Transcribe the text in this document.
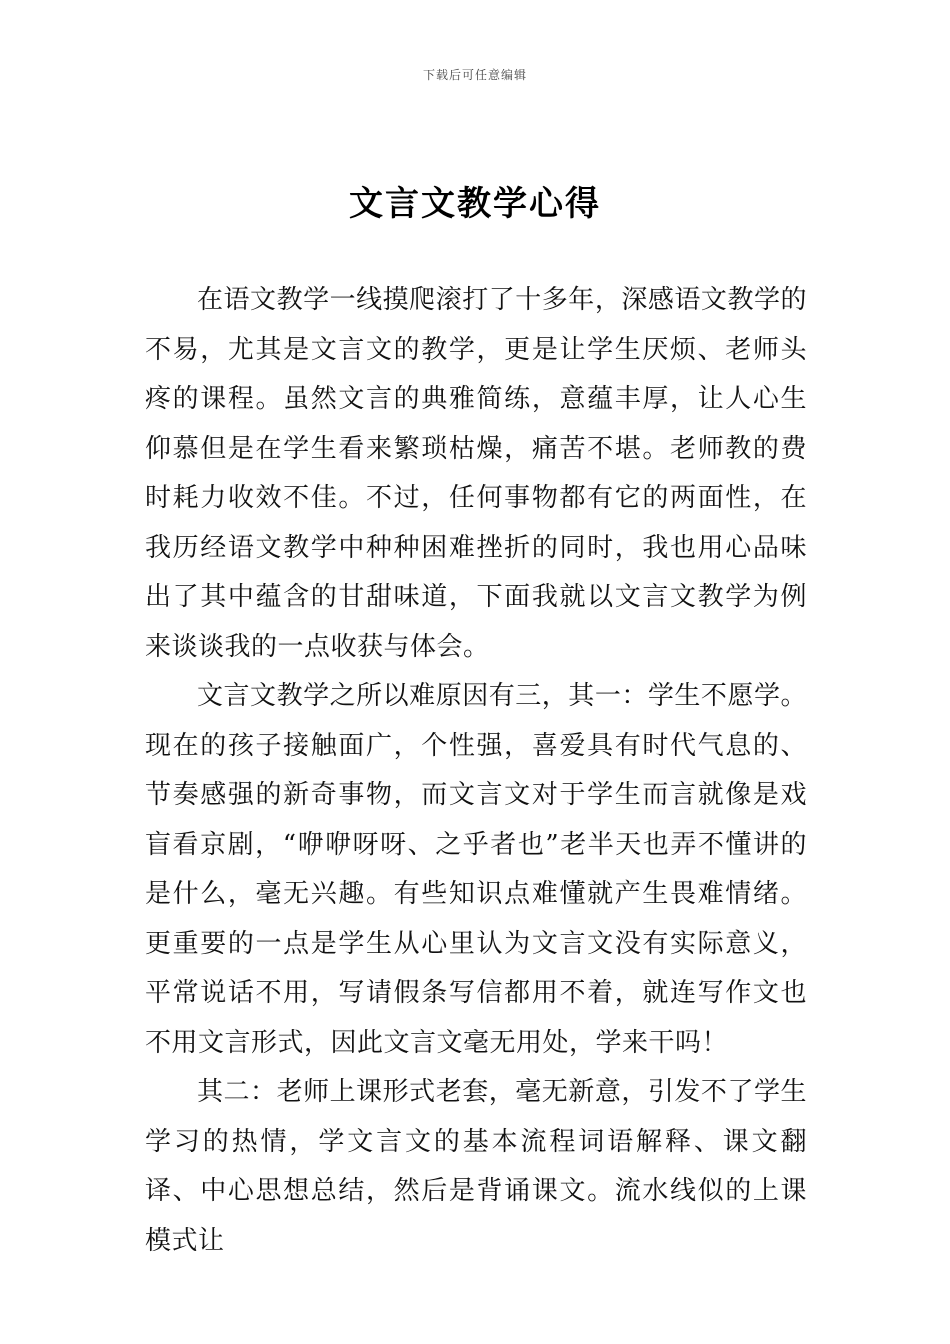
下载后可任意编辑
文言文教学心得

在语文教学一线摸爬滚打了十多年，深感语文教学的不易，尤其是文言文的教学，更是让学生厌烦、老师头疼的课程。虽然文言的典雅简练，意蕴丰厚，让人心生仰慕但是在学生看来繁琐枯燥，痛苦不堪。老师教的费时耗力收效不佳。不过，任何事物都有它的两面性，在我历经语文教学中种种困难挫折的同时，我也用心品味出了其中蕴含的甘甜味道，下面我就以文言文教学为例来谈谈我的一点收获与体会。

文言文教学之所以难原因有三，其一：学生不愿学。现在的孩子接触面广，个性强，喜爱具有时代气息的、节奏感强的新奇事物，而文言文对于学生而言就像是戏盲看京剧，“咿咿呀呀、之乎者也”老半天也弄不懂讲的是什么，毫无兴趣。有些知识点难懂就产生畏难情绪。更重要的一点是学生从心里认为文言文没有实际意义，平常说话不用，写请假条写信都用不着，就连写作文也不用文言形式，因此文言文毫无用处，学来干吗！

其二：老师上课形式老套，毫无新意，引发不了学生学习的热情，学文言文的基本流程词语解释、课文翻译、中心思想总结，然后是背诵课文。流水线似的上课模式让
